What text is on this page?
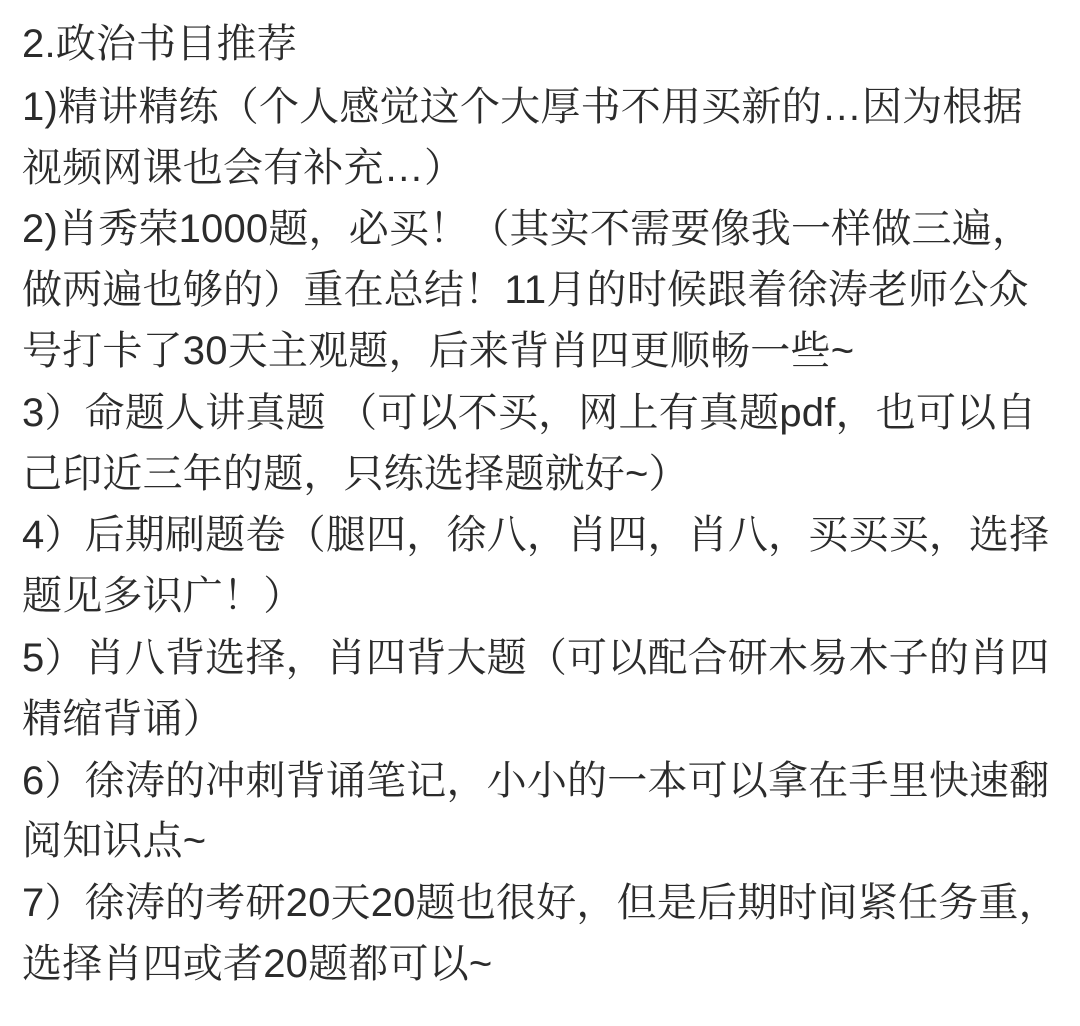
2.政治书目推荐

1)精讲精练（个人感觉这个大厚书不用买新的…因为根据视频网课也会有补充…）

2)肖秀荣1000题，必买！（其实不需要像我一样做三遍，做两遍也够的）重在总结！11月的时候跟着徐涛老师公众号打卡了30天主观题，后来背肖四更顺畅一些~

3）命题人讲真题 （可以不买，网上有真题pdf，也可以自己印近三年的题，只练选择题就好~）

4）后期刷题卷（腿四，徐八，肖四，肖八，买买买，选择题见多识广！）

5）肖八背选择，肖四背大题（可以配合研木易木子的肖四精缩背诵）

6）徐涛的冲刺背诵笔记，小小的一本可以拿在手里快速翻阅知识点~

7）徐涛的考研20天20题也很好，但是后期时间紧任务重，选择肖四或者20题都可以~
